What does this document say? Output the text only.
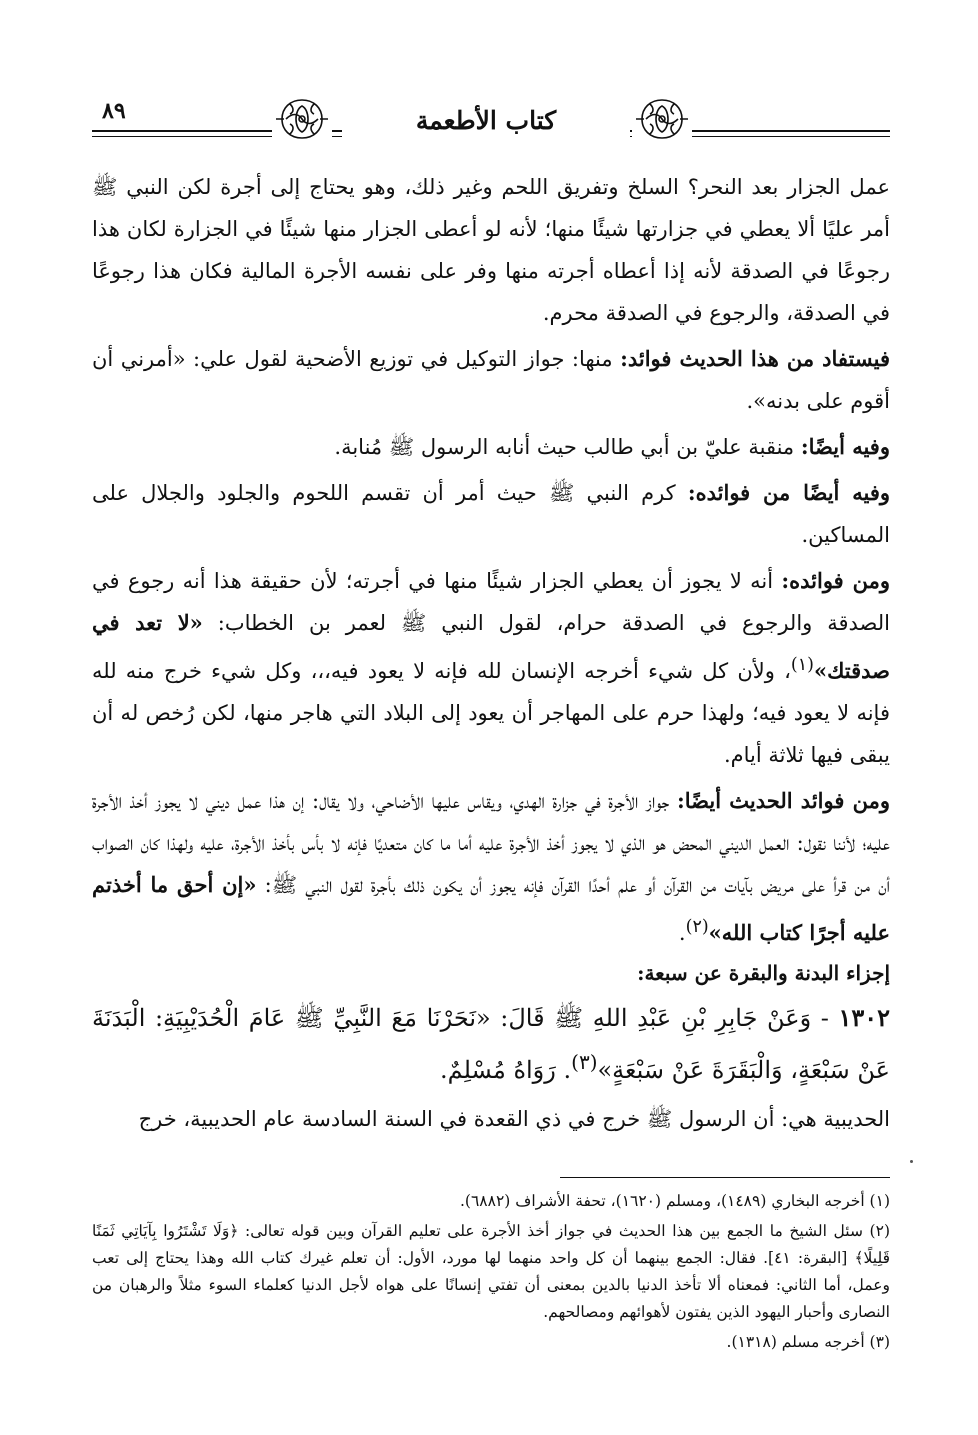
٨٩	كتاب الأطعمة

عمل الجزار بعد النحر؟ السلخ وتفريق اللحم وغير ذلك، وهو يحتاج إلى أجرة لكن النبي ﷺ أمر عليًا ألا يعطي في جزارتها شيئًا منها؛ لأنه لو أعطى الجزار منها شيئًا في الجزارة لكان هذا رجوعًا في الصدقة لأنه إذا أعطاه أجرته منها وفر على نفسه الأجرة المالية فكان هذا رجوعًا في الصدقة، والرجوع في الصدقة محرم.

فيستفاد من هذا الحديث فوائد: منها: جواز التوكيل في توزيع الأضحية لقول علي: «أمرني أن أقوم على بدنه».

وفيه أيضًا: منقبة عليّ بن أبي طالب حيث أنابه الرسول ﷺ مُنابة.

وفيه أيضًا من فوائده: كرم النبي ﷺ حيث أمر أن تقسم اللحوم والجلود والجلال على المساكين.

ومن فوائده: أنه لا يجوز أن يعطي الجزار شيئًا منها في أجرته؛ لأن حقيقة هذا أنه رجوع في الصدقة والرجوع في الصدقة حرام، لقول النبي ﷺ لعمر بن الخطاب: «لا تعد في صدقتك»$^{(١)}$، ولأن كل شيء أخرجه الإنسان لله فإنه لا يعود فيه،،، وكل شيء خرج منه لله فإنه لا يعود فيه؛ ولهذا حرم على المهاجر أن يعود إلى البلاد التي هاجر منها، لكن رُخص له أن يبقى فيها ثلاثة أيام.

ومن فوائد الحديث أيضًا: جواز الأجرة في جزارة الهدي، ويقاس عليها الأضاحي، ولا يقال: إن هذا عمل ديني لا يجوز أخذ الأجرة عليه؛ لأننا نقول: العمل الديني المحض هو الذي لا يجوز أخذ الأجرة عليه أما ما كان متعديًا فإنه لا بأس بأخذ الأجرة، عليه ولهذا كان الصواب أن من قرأ على مريض بآيات من القرآن أو علم أحدًا القرآن فإنه يجوز أن يكون ذلك بأجرة لقول النبي ﷺ: «إن أحق ما أخذتم عليه أجرًا كتاب الله»$^{(٢)}$.

إجزاء البدنة والبقرة عن سبعة:

١٣٠٢ - وَعَنْ جَابِرِ بْنِ عَبْدِ اللهِ ﷺ قَالَ: «نَحَرْنَا مَعَ النَّبِيِّ ﷺ عَامَ الْحُدَيْبِيَةِ: الْبَدَنَةَ عَنْ سَبْعَةٍ، وَالْبَقَرَةَ عَنْ سَبْعَةٍ»$^{(٣)}$. رَوَاهُ مُسْلِمٌ.

الحديبية هي: أن الرسول ﷺ خرج في ذي القعدة في السنة السادسة عام الحديبية، خرج

(١) أخرجه البخاري (١٤٨٩)، ومسلم (١٦٢٠)، تحفة الأشراف (٦٨٨٢).

(٢) سئل الشيخ ما الجمع بين هذا الحديث في جواز أخذ الأجرة على تعليم القرآن وبين قوله تعالى: ﴿وَلَا تَشْتَرُوا بِآيَاتِي ثَمَنًا قَلِيلًا﴾ [البقرة: ٤١]. فقال: الجمع بينهما أن كل واحد منهما لها مورد، الأول: أن تعلم غيرك كتاب الله وهذا يحتاج إلى تعب وعمل، أما الثاني: فمعناه ألا تأخذ الدنيا بالدين بمعنى أن تفتي إنسانًا على هواه لأجل الدنيا كعلماء السوء مثلاً والرهبان من النصارى وأحبار اليهود الذين يفتون لأهوائهم ومصالحهم.

(٣) أخرجه مسلم (١٣١٨).
